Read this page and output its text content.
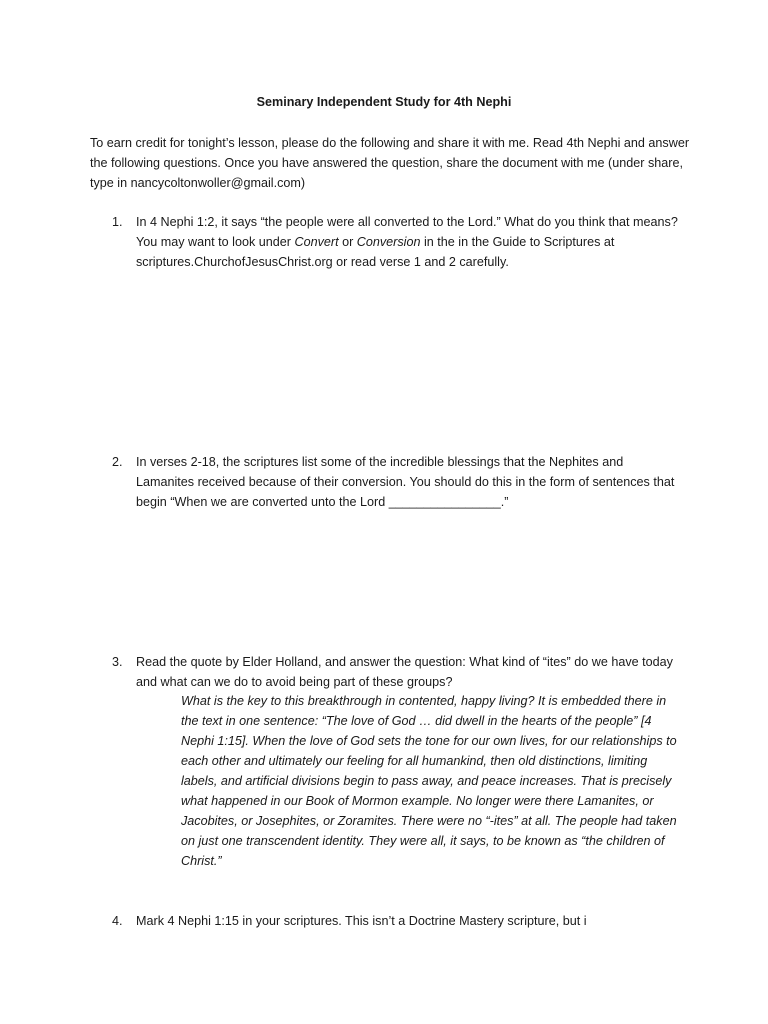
Seminary Independent Study for 4th Nephi
To earn credit for tonight’s lesson, please do the following and share it with me. Read 4th Nephi and answer the following questions. Once you have answered the question, share the document with me (under share, type in nancycoltonwoller@gmail.com)
1.	In 4 Nephi 1:2, it says “the people were all converted to the Lord.” What do you think that means? You may want to look under Convert or Conversion in the in the Guide to Scriptures at scriptures.ChurchofJesusChrist.org or read verse 1 and 2 carefully.
2.	In verses 2-18, the scriptures list some of the incredible blessings that the Nephites and Lamanites received because of their conversion. You should do this in the form of sentences that begin “When we are converted unto the Lord ________________.”
3.	Read the quote by Elder Holland, and answer the question: What kind of “ites” do we have today and what can we do to avoid being part of these groups?
What is the key to this breakthrough in contented, happy living? It is embedded there in the text in one sentence: “The love of God … did dwell in the hearts of the people” [4 Nephi 1:15]. When the love of God sets the tone for our own lives, for our relationships to each other and ultimately our feeling for all humankind, then old distinctions, limiting labels, and artificial divisions begin to pass away, and peace increases. That is precisely what happened in our Book of Mormon example. No longer were there Lamanites, or Jacobites, or Josephites, or Zoramites. There were no “-ites” at all. The people had taken on just one transcendent identity. They were all, it says, to be known as “the children of Christ.”
4.	Mark 4 Nephi 1:15 in your scriptures. This isn’t a Doctrine Mastery scripture, but i
